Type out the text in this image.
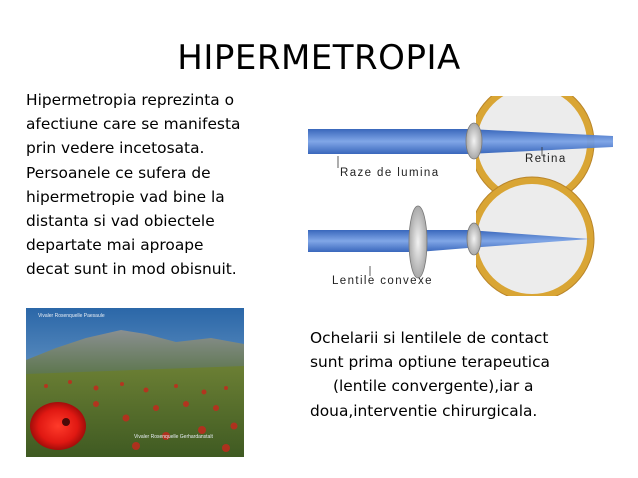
HIPERMETROPIA
Hipermetropia reprezinta o
afectiune care se manifesta
prin vedere incetosata.
Persoanele ce sufera de
hipermetropie vad bine la
distanta si vad obiectele
departate mai aproape
decat sunt in mod obisnuit.
Raze de lumina
Retina
Lentile convexe
Vivaler Rosenquelle Paesaule
Vivaler Rosenquelle Gerhardanstalt
Ochelarii si lentilele de contact
sunt prima optiune terapeutica
(lentile convergente),iar a
doua,interventie chirurgicala.
